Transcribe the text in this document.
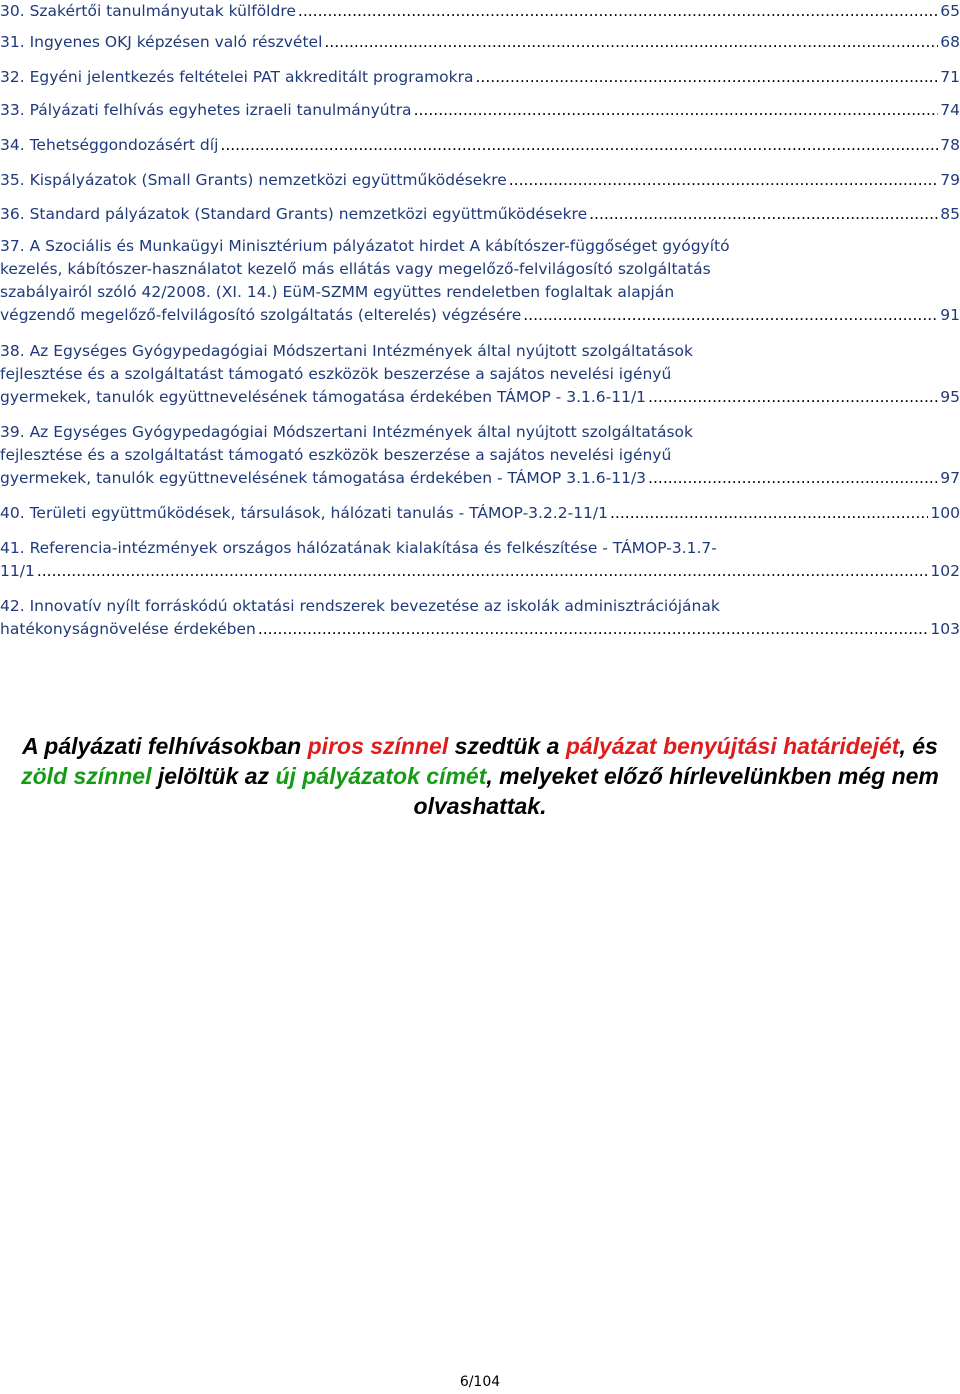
30. Szakértői tanulmányutak külföldre .....	65
31. Ingyenes OKJ képzésen való részvétel .....	68
32. Egyéni jelentkezés feltételei PAT akkreditált programokra .....	71
33. Pályázati felhívás egyhetes izraeli tanulmányútra .....	74
34. Tehetséggondozásért díj .....	78
35. Kispályázatok (Small Grants) nemzetközi együttműködésekre .....	79
36. Standard pályázatok (Standard Grants) nemzetközi együttműködésekre .....	85
37. A Szociális és Munkaügyi Minisztérium pályázatot hirdet A kábítószer-függőséget gyógyító
kezelés, kábítószer-használatot kezelő más ellátás vagy megelőző-felvilágosító szolgáltatás
szabályairól szóló 42/2008. (XI. 14.) EüM-SZMM együttes rendeletben foglaltak alapján
végzendő megelőző-felvilágosító szolgáltatás (elterelés) végzésére .....	91
38. Az Egységes Gyógypedagógiai Módszertani Intézmények által nyújtott szolgáltatások
fejlesztése és a szolgáltatást támogató eszközök beszerzése a sajátos nevelési igényű
gyermekek, tanulók együttnevelésének támogatása érdekében TÁMOP - 3.1.6-11/1 .....	95
39. Az Egységes Gyógypedagógiai Módszertani Intézmények által nyújtott szolgáltatások
fejlesztése és a szolgáltatást támogató eszközök beszerzése a sajátos nevelési igényű
gyermekek, tanulók együttnevelésének támogatása érdekében - TÁMOP 3.1.6-11/3 .....	97
40. Területi együttműködések, társulások, hálózati tanulás - TÁMOP-3.2.2-11/1 .....	100
41. Referencia-intézmények országos hálózatának kialakítása és felkészítése - TÁMOP-3.1.7-
11/1 .....	102
42. Innovatív nyílt forráskódú oktatási rendszerek bevezetése az iskolák adminisztrációjának
hatékonyságnövelése érdekében .....	103
A pályázati felhívásokban piros színnel szedtük a pályázat benyújtási határidejét, és zöld színnel jelöltük az új pályázatok címét, melyeket előző hírlevelünkben még nem olvashattak.
6/104
